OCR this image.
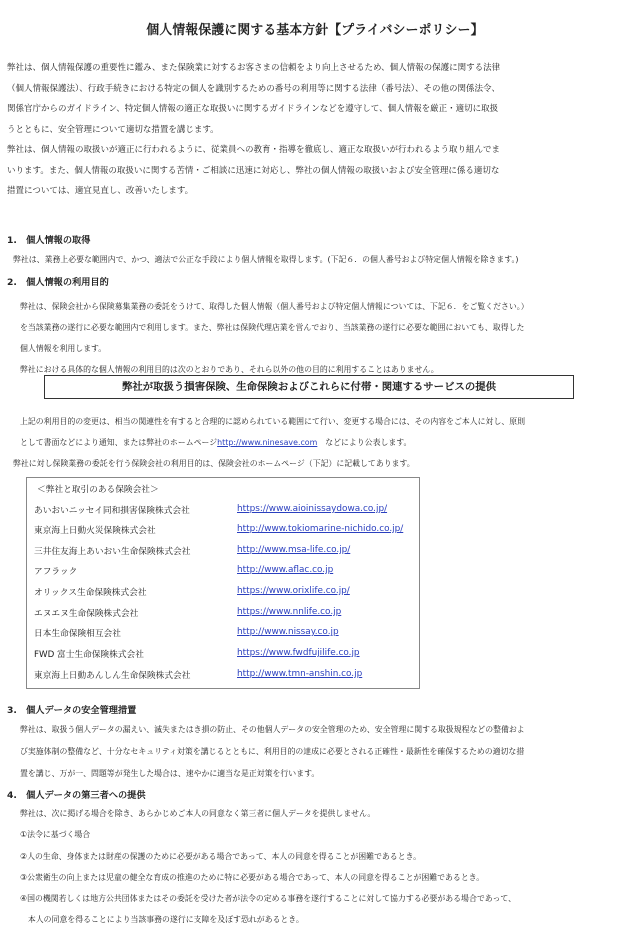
個人情報保護に関する基本方針【プライバシーポリシー】

弊社は、個人情報保護の重要性に鑑み、また保険業に対するお客さまの信頼をより向上させるため、個人情報の保護に関する法律
（個人情報保護法）、行政手続きにおける特定の個人を識別するための番号の利用等に関する法律（番号法）、その他の関係法令、
関係官庁からのガイドライン、特定個人情報の適正な取扱いに関するガイドラインなどを遵守して、個人情報を厳正・適切に取扱
うとともに、安全管理について適切な措置を講じます。

弊社は、個人情報の取扱いが適正に行われるように、従業員への教育・指導を徹底し、適正な取扱いが行われるよう取り組んでま
いります。また、個人情報の取扱いに関する苦情・ご相談に迅速に対応し、弊社の個人情報の取扱いおよび安全管理に係る適切な
措置については、適宜見直し、改善いたします。

1.　個人情報の取得
弊社は、業務上必要な範囲内で、かつ、適法で公正な手段により個人情報を取得します。(下記６．の個人番号および特定個人情報を除きます。)
2.　個人情報の利用目的
弊社は、保険会社から保険募集業務の委託をうけて、取得した個人情報（個人番号および特定個人情報については、下記６．をご覧ください。）
を当該業務の遂行に必要な範囲内で利用します。また、弊社は保険代理店業を営んでおり、当該業務の遂行に必要な範囲においても、取得した
個人情報を利用します。
弊社における具体的な個人情報の利用目的は次のとおりであり、それら以外の他の目的に利用することはありません。
弊社が取扱う損害保険、生命保険およびこれらに付帯・関連するサービスの提供
上記の利用目的の変更は、相当の関連性を有すると合理的に認められている範囲にて行い、変更する場合には、その内容をご本人に対し、原則
として書面などにより通知、または弊社のホームページhttp://www.ninesave.com　などにより公表します。
弊社に対し保険業務の委託を行う保険会社の利用目的は、保険会社のホームページ（下記）に記載してあります。
＜弊社と取引のある保険会社＞
あいおいニッセイ同和損害保険株式会社	https://www.aioinissaydowa.co.jp/
東京海上日動火災保険株式会社	http://www.tokiomarine-nichido.co.jp/
三井住友海上あいおい生命保険株式会社	http://www.msa-life.co.jp/
アフラック	http://www.aflac.co.jp
オリックス生命保険株式会社	https://www.orixlife.co.jp/
エヌエヌ生命保険株式会社	https://www.nnlife.co.jp
日本生命保険相互会社	http://www.nissay.co.jp
FWD 富士生命保険株式会社	https://www.fwdfujilife.co.jp
東京海上日動あんしん生命保険株式会社	http://www.tmn-anshin.co.jp
3.　個人データの安全管理措置
弊社は、取扱う個人データの漏えい、滅失またはき損の防止、その他個人データの安全管理のため、安全管理に関する取扱規程などの整備およ
び実施体制の整備など、十分なセキュリティ対策を講じるとともに、利用目的の達成に必要とされる正確性・最新性を確保するための適切な措
置を講じ、万が一、問題等が発生した場合は、速やかに適当な是正対策を行います。
4.　個人データの第三者への提供
弊社は、次に掲げる場合を除き、あらかじめご本人の同意なく第三者に個人データを提供しません。
①法令に基づく場合
②人の生命、身体または財産の保護のために必要がある場合であって、本人の同意を得ることが困難であるとき。
③公衆衛生の向上または児童の健全な育成の推進のために特に必要がある場合であって、本人の同意を得ることが困難であるとき。
④国の機関若しくは地方公共団体またはその委託を受けた者が法令の定める事務を遂行することに対して協力する必要がある場合であって、
　本人の同意を得ることにより当該事務の遂行に支障を及ぼす恐れがあるとき。
